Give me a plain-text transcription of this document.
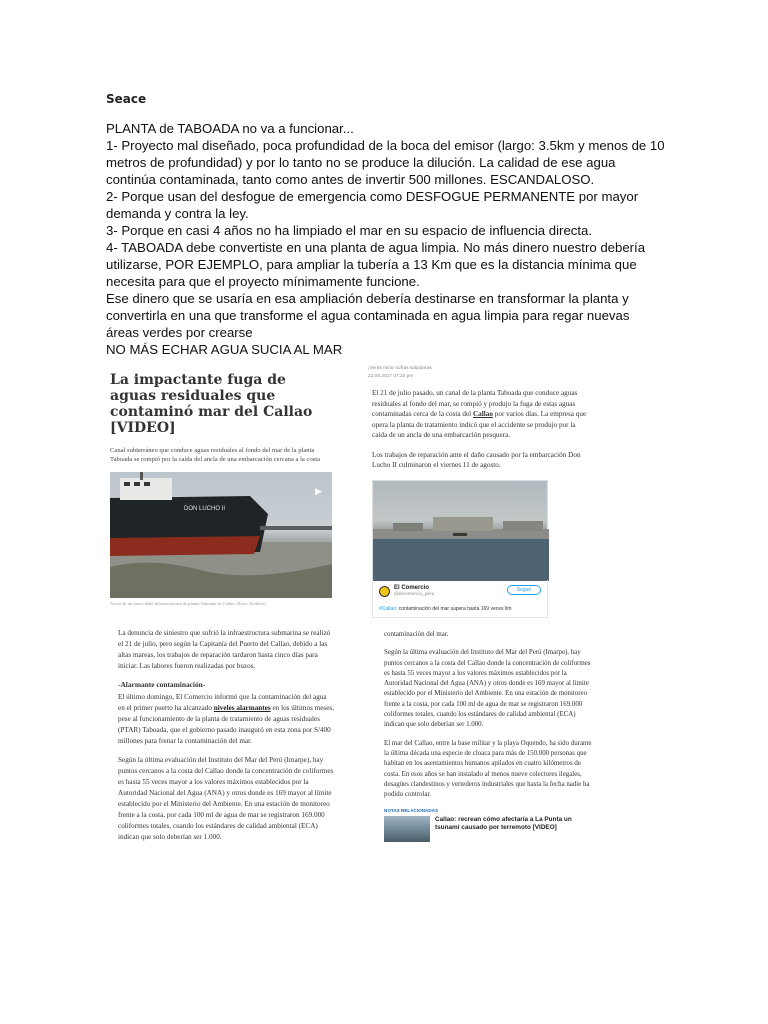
Seace

PLANTA de TABOADA no va a funcionar...

1- Proyecto mal diseñado, poca profundidad de la boca del emisor (largo: 3.5km y menos de 10 metros de profundidad) y por lo tanto no se produce la dilución. La calidad de ese agua continúa contaminada, tanto como antes de invertir 500 millones. ESCANDALOSO.

2- Porque usan del desfogue de emergencia como DESFOGUE PERMANENTE por mayor demanda y contra la ley.

3- Porque en casi 4 años no ha limpiado el mar en su espacio de influencia directa.

4- TABOADA debe convertiste en una planta de agua limpia. No más dinero nuestro debería utilizarse, POR EJEMPLO, para ampliar la tubería a 13 Km que es la distancia mínima que necesita para que el proyecto mínimamente funcione.

Ese dinero que se usaría en esa ampliación debería destinarse en transformar la planta y convertirla en una que transforme el agua contaminada en agua limpia para regar nuevas áreas verdes por crearse

NO MÁS ECHAR AGUA SUCIA AL MAR

La impactante fuga de aguas residuales que contaminó mar del Callao [VIDEO]
Canal subterráneo que conduce aguas residuales al fondo del mar de la planta Taboada se rompió por la caída del ancla de una embarcación cercana a la costa
DON LUCHO II
▶
Ancla de un barco dañó infraestructura de planta Taboada en Callao. (Foto: Archivo)
¡Verás mirar sufras salpidaras
22.08.2017 07:34 pm

El 21 de julio pasado, un canal de la planta Taboada que conduce aguas residuales al fondo del mar, se rompió y produjo la fuga de estas aguas contaminadas cerca de la costa del Callao por varios días. La empresa que opera la planta de tratamiento indicó que el accidente se produjo por la caída de un ancla de una embarcación pesquera.

Los trabajos de reparación ante el daño causado por la embarcación Don Lucho II culminaron el viernes 11 de agosto.

El Comercio
@elcomercio_peru
Seguir
#Callao: contaminación del mar supera hasta 169 veces lím

La denuncia de siniestro que sufrió la infraestructura submarina se realizó el 21 de julio, pero según la Capitanía del Puerto del Callao, debido a las altas mareas, los trabajos de reparación tardaron hasta cinco días para iniciar. Las labores fueron realizadas por buzos.

-Alarmante contaminación-

El último domingo, El Comercio informó que la contaminación del agua en el primer puerto ha alcanzado niveles alarmantes en los últimos meses, pese al funcionamiento de la planta de tratamiento de aguas residuales (PTAR) Taboada, que el gobierno pasado inauguró en esta zona por S/400 millones para frenar la contaminación del mar.

Según la última evaluación del Instituto del Mar del Perú (Imarpe), hay puntos cercanos a la costa del Callao donde la concentración de coliformes es hasta 55 veces mayor a los valores máximos establecidos por la Autoridad Nacional del Agua (ANA) y otros donde es 169 mayor al límite establecido por el Ministerio del Ambiente. En una estación de monitoreo frente a la costa, por cada 100 ml de agua de mar se registraron 169.000 coliformes totales, cuando los estándares de calidad ambiental (ECA) indican que solo deberían ser 1.000.

contaminación del mar.

Según la última evaluación del Instituto del Mar del Perú (Imarpe), hay puntos cercanos a la costa del Callao donde la concentración de coliformes es hasta 55 veces mayor a los valores máximos establecidos por la Autoridad Nacional del Agua (ANA) y otros donde es 169 mayor al límite establecido por el Ministerio del Ambiente. En una estación de monitoreo frente a la costa, por cada 100 ml de agua de mar se registraron 169.000 coliformes totales, cuando los estándares de calidad ambiental (ECA) indican que solo deberían ser 1.000.

El mar del Callao, entre la base militar y la playa Oquendo, ha sido durante la última década una especie de cloaca para más de 150.000 personas que habitan en los asentamientos humanos apilados en cuatro kilómetros de costa. En esos años se han instalado al menos nueve colectores ilegales, desagües clandestinos y vertederos industriales que hasta la fecha nadie ha podido controlar.

NOTAS RELACIONADAS
Callao: recrean cómo afectaría a La Punta un tsunami causado por terremoto [VIDEO]
